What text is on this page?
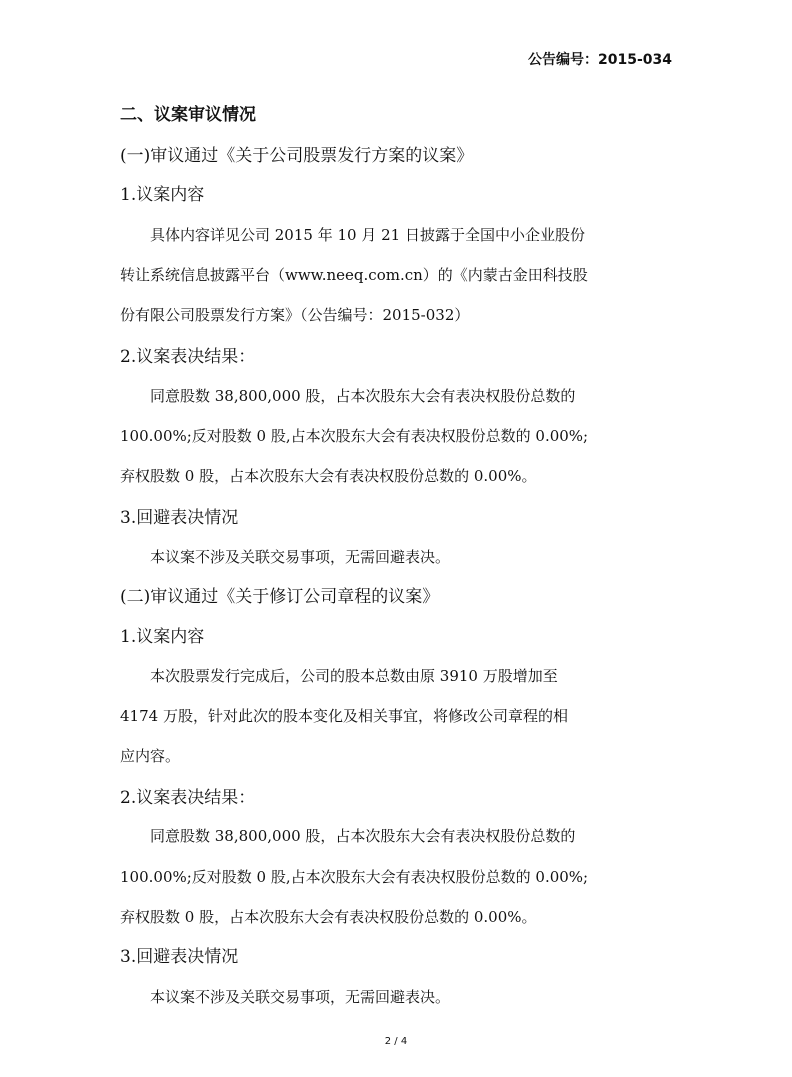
公告编号：2015-034
二、议案审议情况
(一)审议通过《关于公司股票发行方案的议案》
1.议案内容
具体内容详见公司 2015 年 10 月 21 日披露于全国中小企业股份
转让系统信息披露平台（www.neeq.com.cn）的《内蒙古金田科技股
份有限公司股票发行方案》（公告编号：2015-032）
2.议案表决结果：
同意股数 38,800,000 股，占本次股东大会有表决权股份总数的
100.00%;反对股数 0 股,占本次股东大会有表决权股份总数的 0.00%;
弃权股数 0 股，占本次股东大会有表决权股份总数的 0.00%。
3.回避表决情况
本议案不涉及关联交易事项，无需回避表决。
(二)审议通过《关于修订公司章程的议案》
1.议案内容
本次股票发行完成后，公司的股本总数由原 3910 万股增加至
4174 万股，针对此次的股本变化及相关事宜，将修改公司章程的相
应内容。
2.议案表决结果：
同意股数 38,800,000 股，占本次股东大会有表决权股份总数的
100.00%;反对股数 0 股,占本次股东大会有表决权股份总数的 0.00%;
弃权股数 0 股，占本次股东大会有表决权股份总数的 0.00%。
3.回避表决情况
本议案不涉及关联交易事项，无需回避表决。
2 / 4
